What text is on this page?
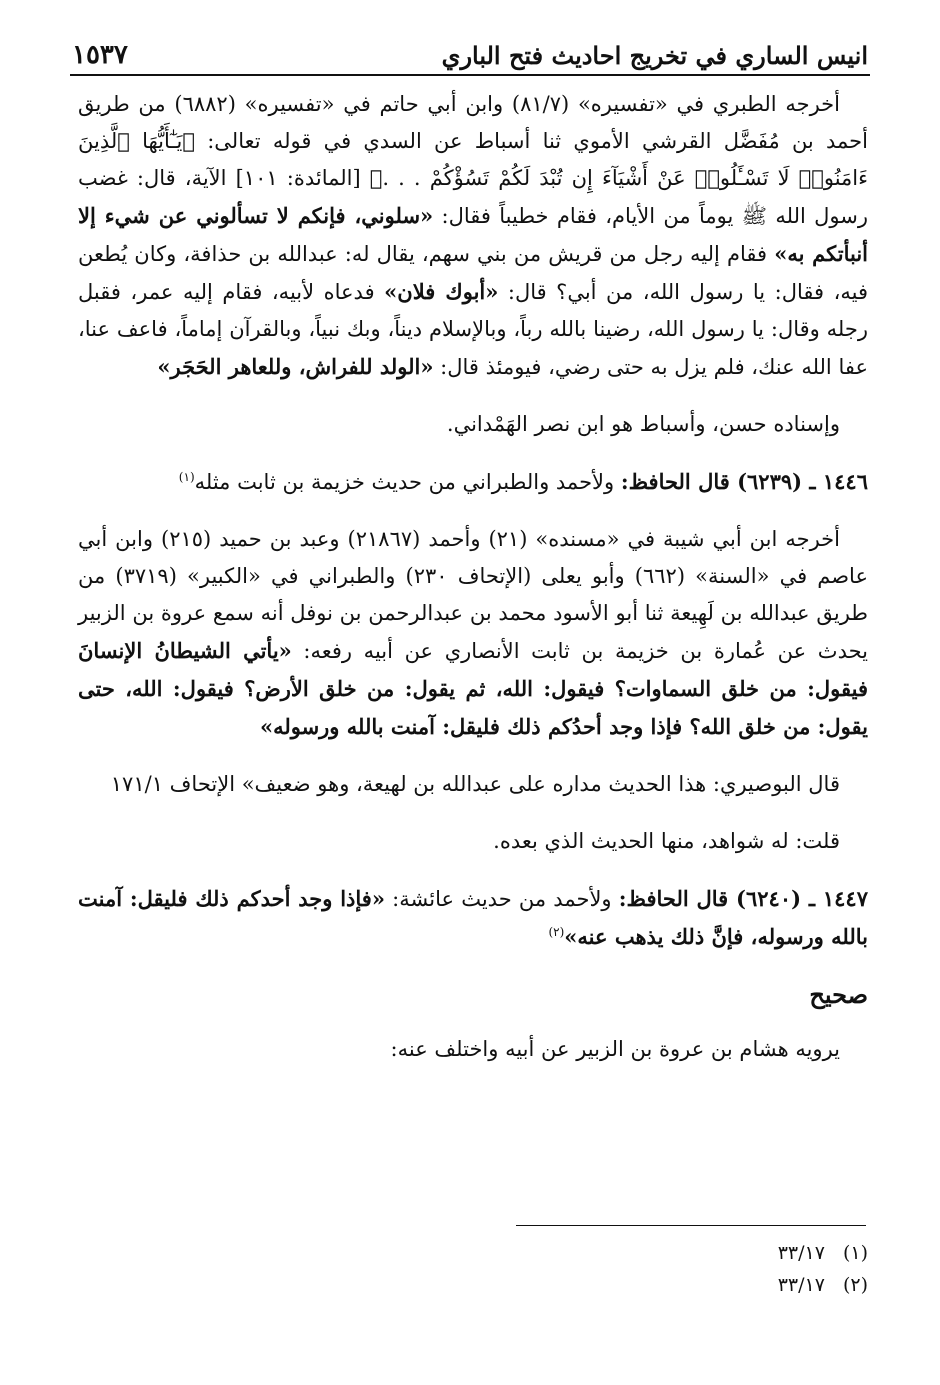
انيس الساري في تخريج احاديث فتح الباري
١٥٣٧

أخرجه الطبري في «تفسيره» (٨١/٧) وابن أبي حاتم في «تفسيره» (٦٨٨٢) من طريق أحمد بن مُفَضَّل القرشي الأموي ثنا أسباط عن السدي في قوله تعالى: ﴿يَـٰٓأَيُّهَا ٱلَّذِينَ ءَامَنُوا۟ لَا تَسْـَٔلُوا۟ عَنْ أَشْيَآءَ إِن تُبْدَ لَكُمْ تَسُؤْكُمْ . . .﴾ [المائدة: ١٠١] الآية، قال: غضب رسول الله ﷺ يوماً من الأيام، فقام خطيباً فقال: «سلوني، فإنكم لا تسألوني عن شيء إلا أنبأتكم به» فقام إليه رجل من قريش من بني سهم، يقال له: عبدالله بن حذافة، وكان يُطعن فيه، فقال: يا رسول الله، من أبي؟ قال: «أبوك فلان» فدعاه لأبيه، فقام إليه عمر، فقبل رجله وقال: يا رسول الله، رضينا بالله رباً، وبالإسلام ديناً، وبك نبياً، وبالقرآن إماماً، فاعف عنا، عفا الله عنك، فلم يزل به حتى رضي، فيومئذ قال: «الولد للفراش، وللعاهر الحَجَر»

وإسناده حسن، وأسباط هو ابن نصر الهَمْداني.

١٤٤٦ ـ (٦٢٣٩) قال الحافظ: ولأحمد والطبراني من حديث خزيمة بن ثابت مثله$^{(١)}$

أخرجه ابن أبي شيبة في «مسنده» (٢١) وأحمد (٢١٨٦٧) وعبد بن حميد (٢١٥) وابن أبي عاصم في «السنة» (٦٦٢) وأبو يعلى (الإتحاف ٢٣٠) والطبراني في «الكبير» (٣٧١٩) من طريق عبدالله بن لَهِيعة ثنا أبو الأسود محمد بن عبدالرحمن بن نوفل أنه سمع عروة بن الزبير يحدث عن عُمارة بن خزيمة بن ثابت الأنصاري عن أبيه رفعه: «يأتي الشيطانُ الإنسانَ فيقول: من خلق السماوات؟ فيقول: الله، ثم يقول: من خلق الأرض؟ فيقول: الله، حتى يقول: من خلق الله؟ فإذا وجد أحدُكم ذلك فليقل: آمنت بالله ورسوله»

قال البوصيري: هذا الحديث مداره على عبدالله بن لهيعة، وهو ضعيف» الإتحاف ١٧١/١

قلت: له شواهد، منها الحديث الذي بعده.

١٤٤٧ ـ (٦٢٤٠) قال الحافظ: ولأحمد من حديث عائشة: «فإذا وجد أحدكم ذلك فليقل: آمنت بالله ورسوله، فإنَّ ذلك يذهب عنه»$^{(٢)}$

صحيح

يرويه هشام بن عروة بن الزبير عن أبيه واختلف عنه:

(١)٣٣/١٧
(٢)٣٣/١٧
